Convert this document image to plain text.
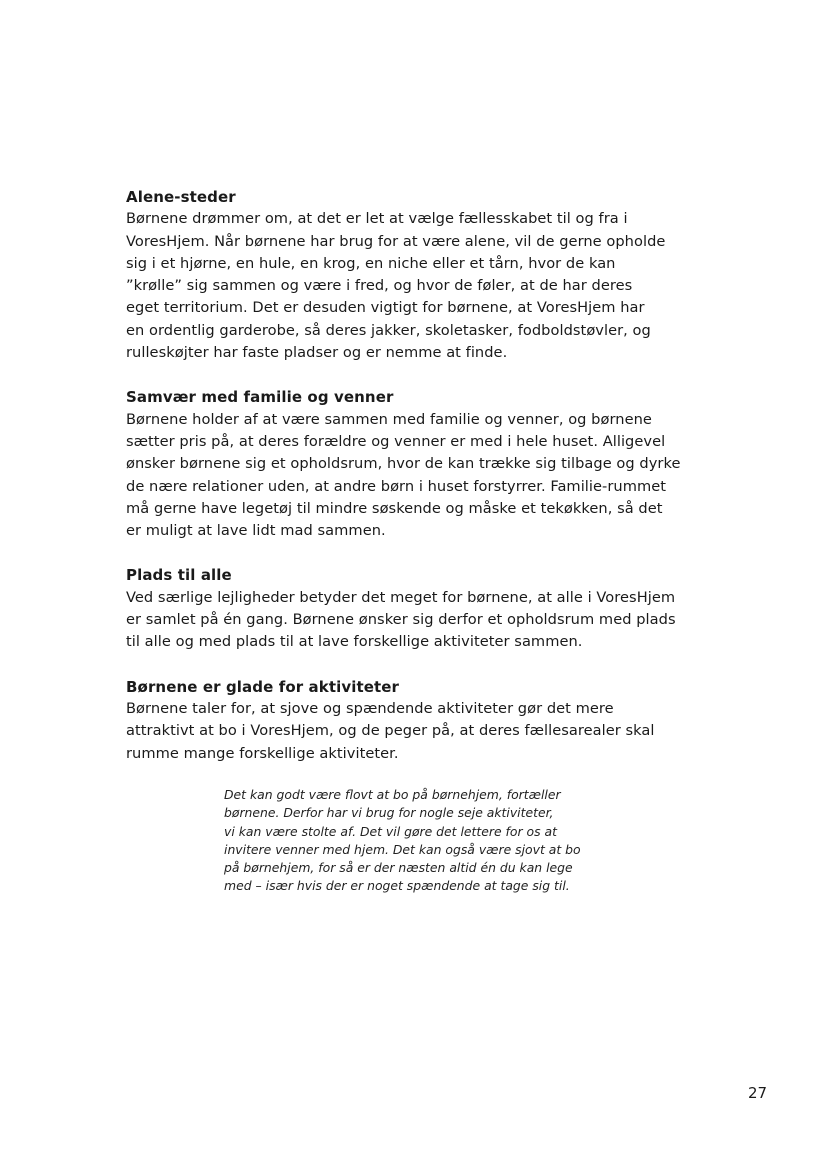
Alene-steder

Børnene drømmer om, at det er let at vælge fællesskabet til og fra i
VoresHjem. Når børnene har brug for at være alene, vil de gerne opholde
sig i et hjørne, en hule, en krog, en niche eller et tårn, hvor de kan
”krølle” sig sammen og være i fred, og hvor de føler, at de har deres
eget territorium. Det er desuden vigtigt for børnene, at VoresHjem har
en ordentlig garderobe, så deres jakker, skoletasker, fodboldstøvler, og
rulleskøjter har faste pladser og er nemme at finde.

Samvær med familie og venner

Børnene holder af at være sammen med familie og venner, og børnene
sætter pris på, at deres forældre og venner er med i hele huset. Alligevel
ønsker børnene sig et opholdsrum, hvor de kan trække sig tilbage og dyrke
de nære relationer uden, at andre børn i huset forstyrrer. Familie-rummet
må gerne have legetøj til mindre søskende og måske et tekøkken, så det
er muligt at lave lidt mad sammen.

Plads til alle

Ved særlige lejligheder betyder det meget for børnene, at alle i VoresHjem
er samlet på én gang. Børnene ønsker sig derfor et opholdsrum med plads
til alle og med plads til at lave forskellige aktiviteter sammen.

Børnene er glade for aktiviteter

Børnene taler for, at sjove og spændende aktiviteter gør det mere
attraktivt at bo i VoresHjem, og de peger på, at deres fællesarealer skal
rumme mange forskellige aktiviteter.

Det kan godt være flovt at bo på børnehjem, fortæller
børnene. Derfor har vi brug for nogle seje aktiviteter,
vi kan være stolte af. Det vil gøre det lettere for os at
invitere venner med hjem. Det kan også være sjovt at bo
på børnehjem, for så er der næsten altid én du kan lege
med – især hvis der er noget spændende at tage sig til.
27
